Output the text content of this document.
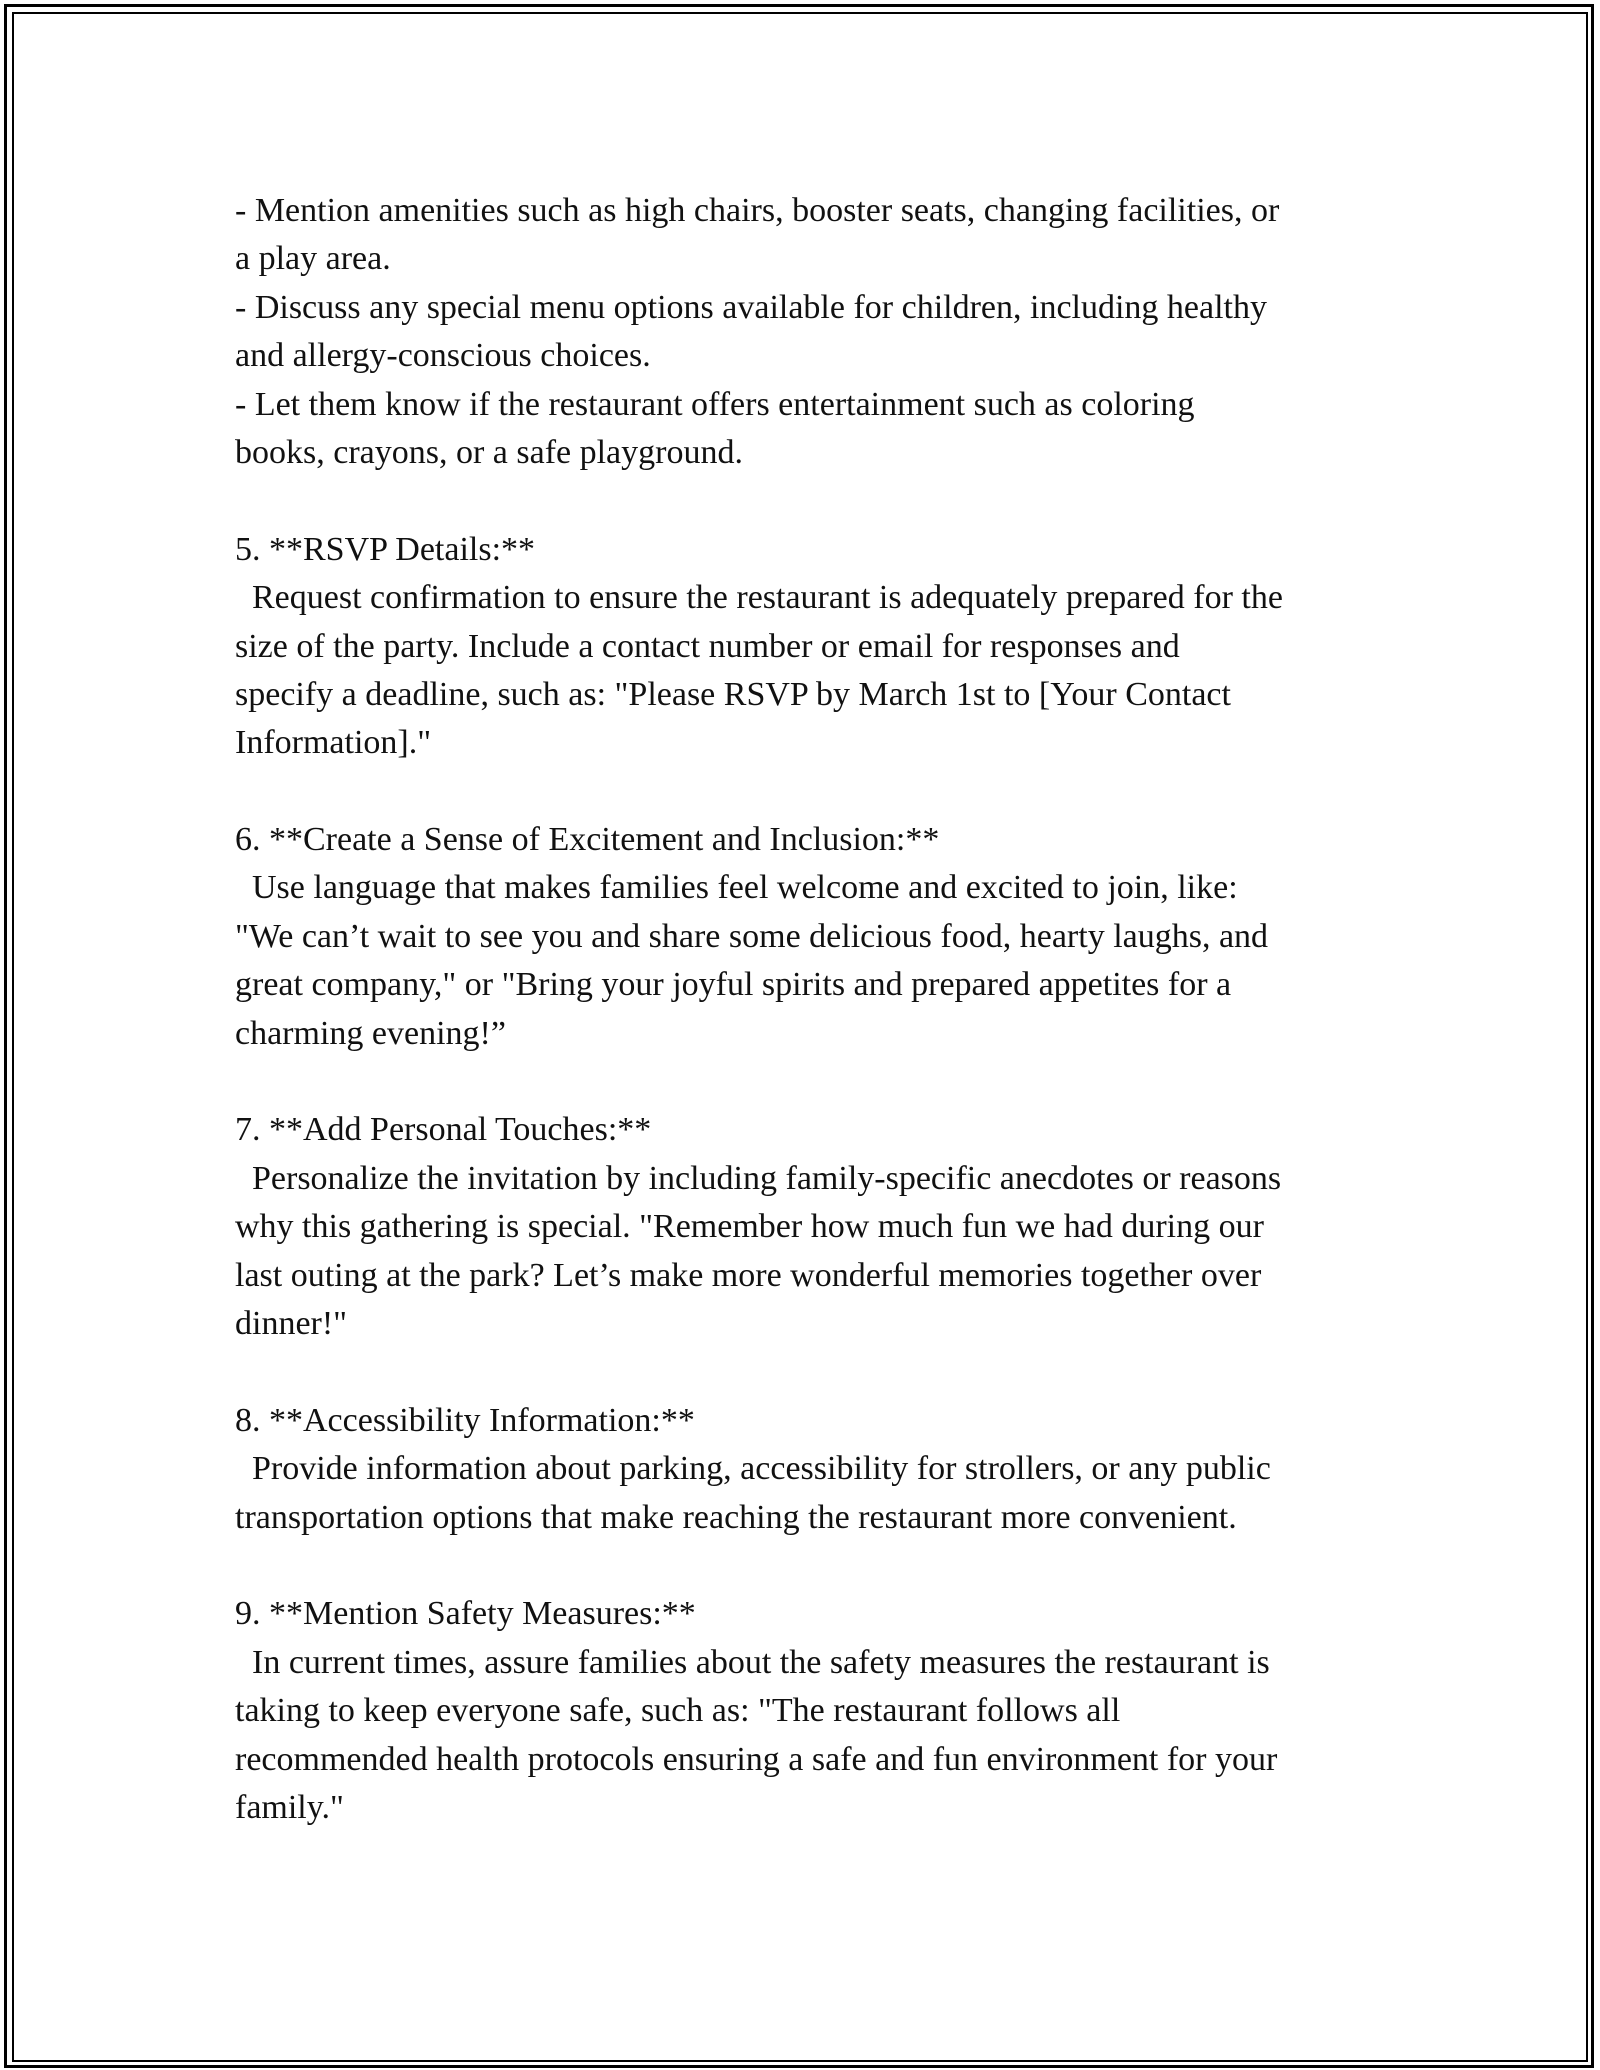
- Mention amenities such as high chairs, booster seats, changing facilities, or
a play area.
- Discuss any special menu options available for children, including healthy
and allergy-conscious choices.
- Let them know if the restaurant offers entertainment such as coloring
books, crayons, or a safe playground.
5. **RSVP Details:**
Request confirmation to ensure the restaurant is adequately prepared for the
size of the party. Include a contact number or email for responses and
specify a deadline, such as: "Please RSVP by March 1st to [Your Contact
Information]."
6. **Create a Sense of Excitement and Inclusion:**
Use language that makes families feel welcome and excited to join, like:
"We can’t wait to see you and share some delicious food, hearty laughs, and
great company," or "Bring your joyful spirits and prepared appetites for a
charming evening!”
7. **Add Personal Touches:**
Personalize the invitation by including family-specific anecdotes or reasons
why this gathering is special. "Remember how much fun we had during our
last outing at the park? Let’s make more wonderful memories together over
dinner!"
8. **Accessibility Information:**
Provide information about parking, accessibility for strollers, or any public
transportation options that make reaching the restaurant more convenient.
9. **Mention Safety Measures:**
In current times, assure families about the safety measures the restaurant is
taking to keep everyone safe, such as: "The restaurant follows all
recommended health protocols ensuring a safe and fun environment for your
family."
